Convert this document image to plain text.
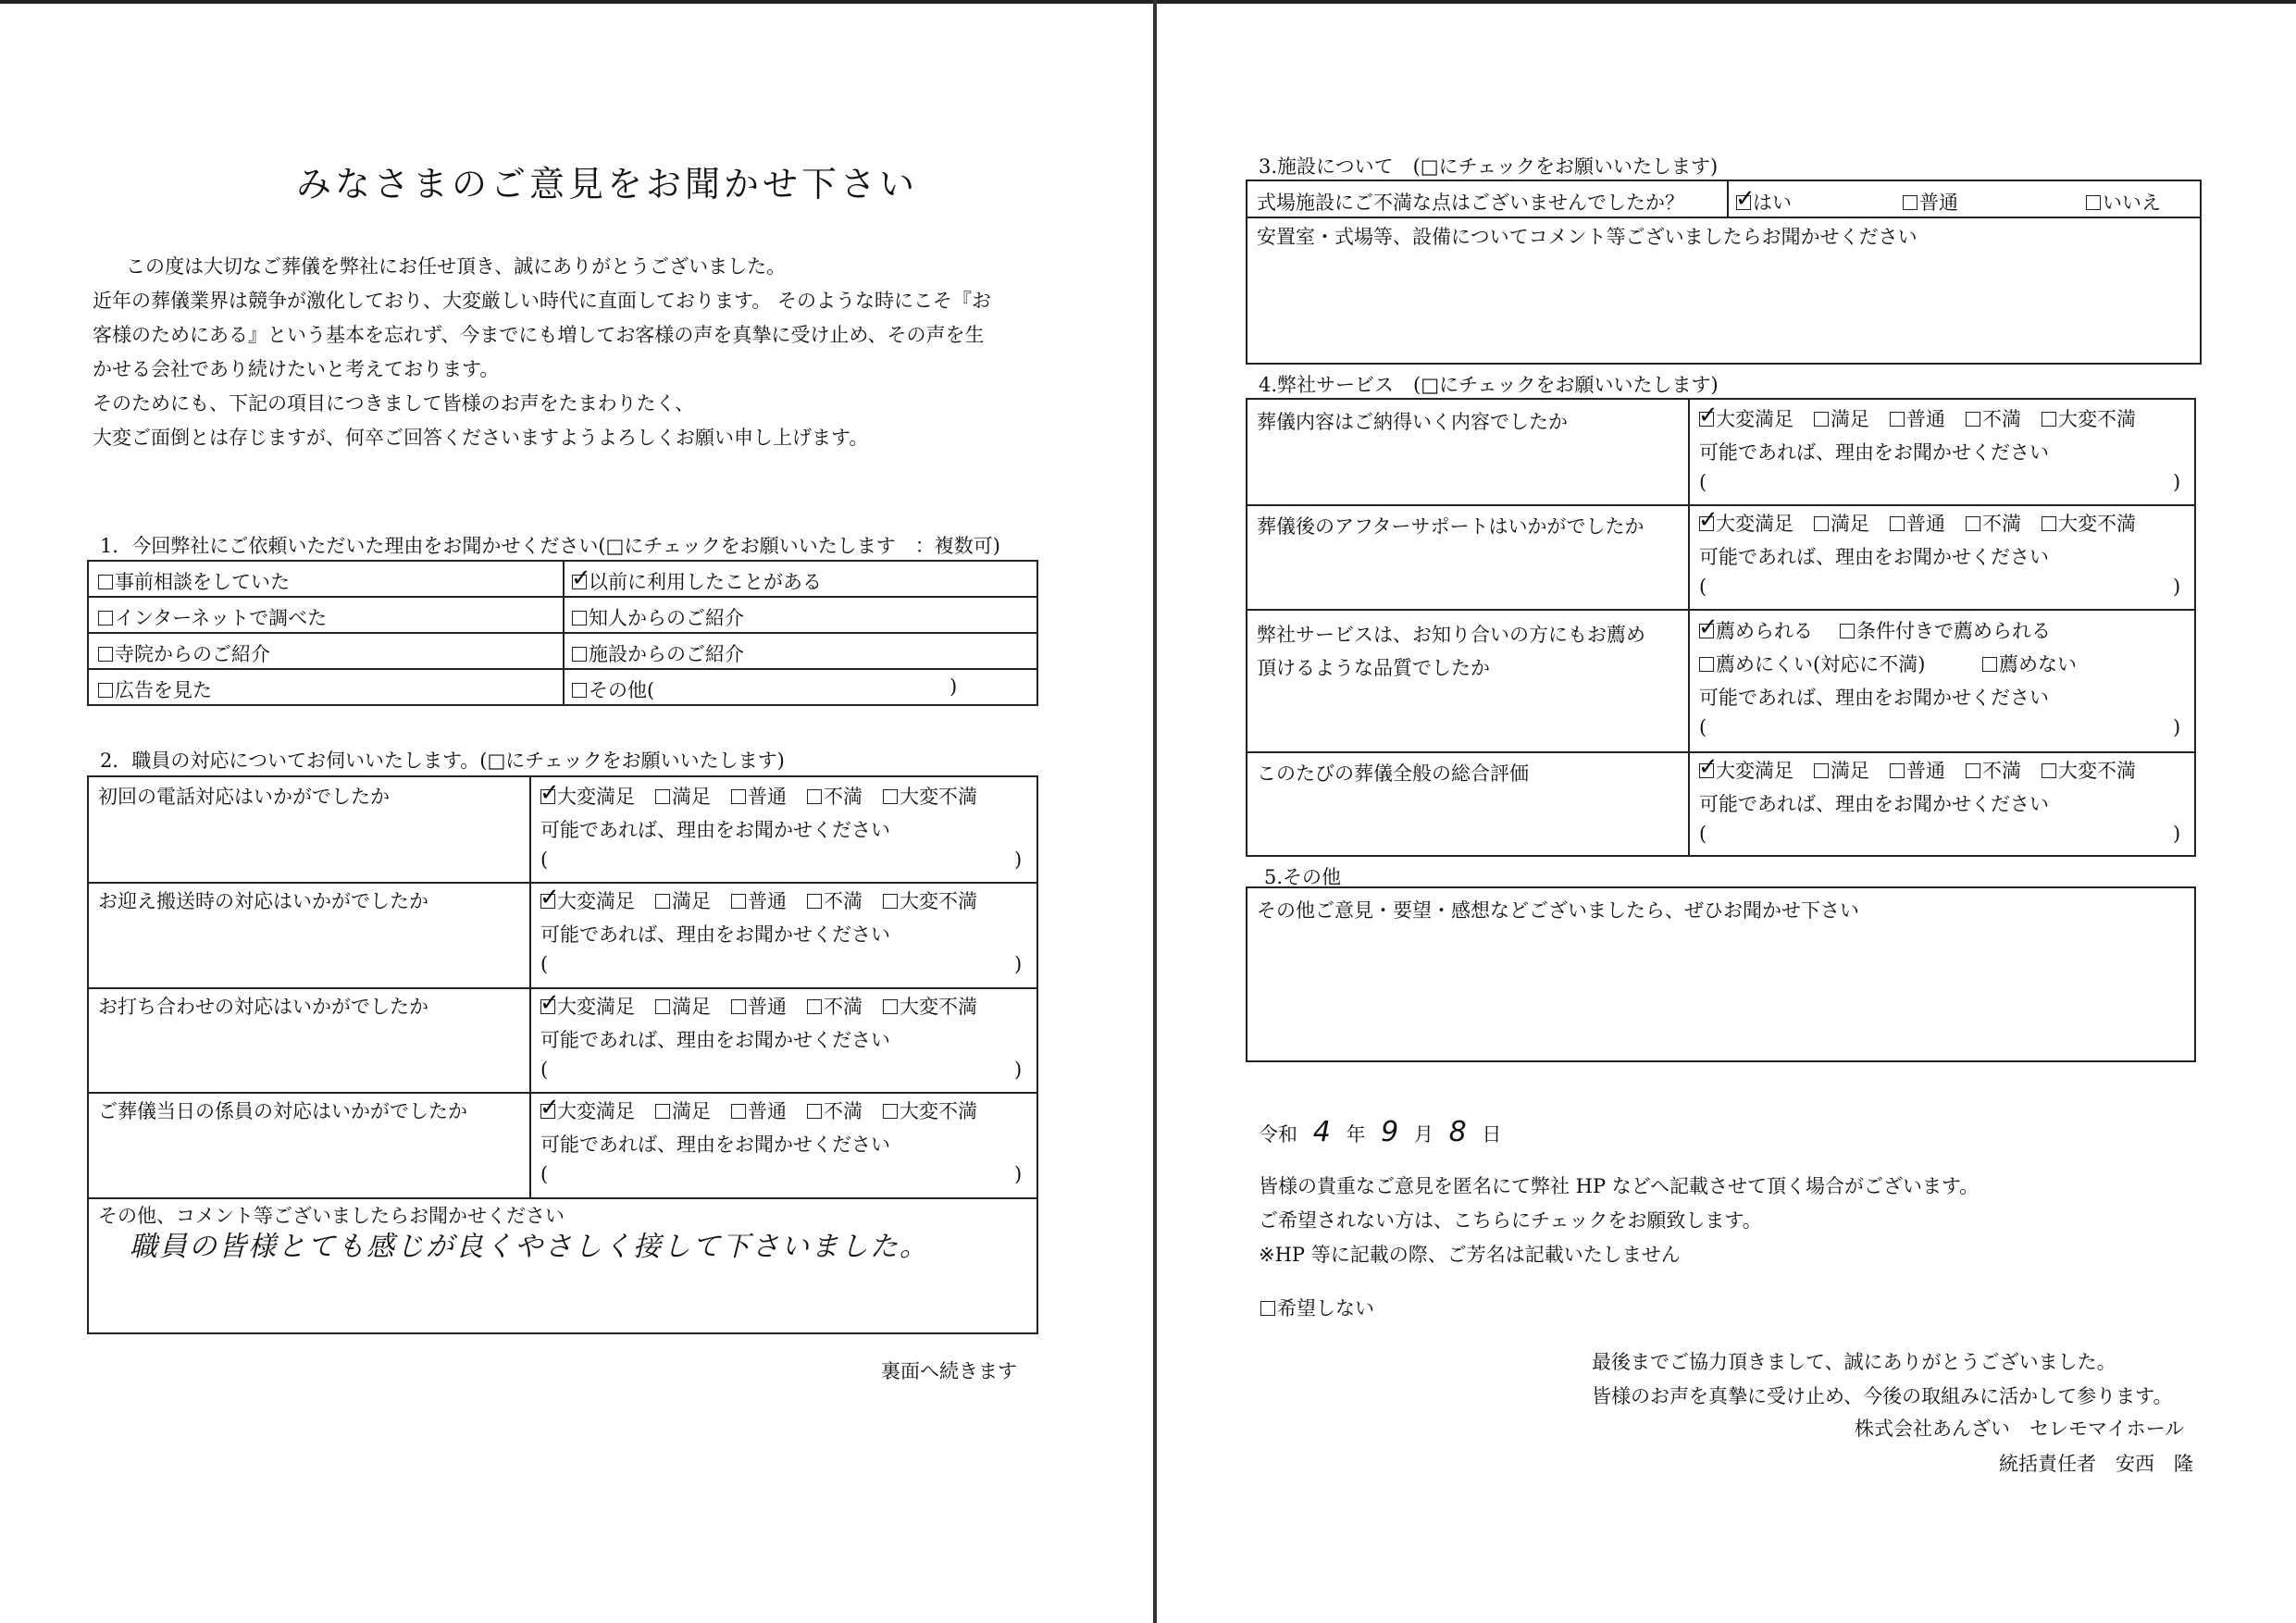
みなさまのご意見をお聞かせ下さい
この度は大切なご葬儀を弊社にお任せ頂き、誠にありがとうございました。
近年の葬儀業界は競争が激化しており、大変厳しい時代に直面しております。 そのような時にこそ『お
客様のためにある』という基本を忘れず、今までにも増してお客様の声を真摯に受け止め、その声を生
かせる会社であり続けたいと考えております。
そのためにも、下記の項目につきまして皆様のお声をたまわりたく、
大変ご面倒とは存じますが、何卒ご回答くださいますようよろしくお願い申し上げます。
1．今回弊社にご依頼いただいた理由をお聞かせください(□にチェックをお願いいたします　：複数可)
事前相談をしていた ✓	以前に利用したことがある
インターネットで調べた	知人からのご紹介
寺院からのご紹介	施設からのご紹介
広告を見た	その他(	)
2．職員の対応についてお伺いいたします。(□にチェックをお願いいたします)
初回の電話対応はいかがでしたか ✓	大変満足 満足 普通 不満 大変不満
可能であれば、理由をお聞かせください
(	)
お迎え搬送時の対応はいかがでしたか ✓	大変満足 満足 普通 不満 大変不満
可能であれば、理由をお聞かせください
(	)
お打ち合わせの対応はいかがでしたか ✓	大変満足 満足 普通 不満 大変不満
可能であれば、理由をお聞かせください
(	)
ご葬儀当日の係員の対応はいかがでしたか ✓	大変満足 満足 普通 不満 大変不満
可能であれば、理由をお聞かせください
(	)
その他、コメント等ございましたらお聞かせください
職員の皆様とても感じが良くやさしく接して下さいました。
裏面へ続きます
3.施設について　(□にチェックをお願いいたします)
式場施設にご不満な点はございませんでしたか？ ✓	はい	普通	いいえ
安置室・式場等、設備についてコメント等ございましたらお聞かせください
4.弊社サービス　(□にチェックをお願いいたします)
葬儀内容はご納得いく内容でしたか ✓	大変満足 満足 普通 不満 大変不満
可能であれば、理由をお聞かせください
(	)
葬儀後のアフターサポートはいかがでしたか ✓	大変満足 満足 普通 不満 大変不満
可能であれば、理由をお聞かせください
(	)
弊社サービスは、お知り合いの方にもお薦め
頂けるような品質でしたか
✓薦められる	条件付きで薦められる
薦めにくい(対応に不満)	薦めない
可能であれば、理由をお聞かせください
(	)
このたびの葬儀全般の総合評価 ✓	大変満足 満足 普通 不満 大変不満
可能であれば、理由をお聞かせください
(	)
5.その他
その他ご意見・要望・感想などございましたら、ぜひお聞かせ下さい
令和 4 年 9 月 8 日
皆様の貴重なご意見を匿名にて弊社 HP などへ記載させて頂く場合がございます。
ご希望されない方は、こちらにチェックをお願致します。
※HP 等に記載の際、ご芳名は記載いたしません
希望しない
最後までご協力頂きまして、誠にありがとうございました。
皆様のお声を真摯に受け止め、今後の取組みに活かして参ります。
株式会社あんざい　セレモマイホール
統括責任者　安西　隆
